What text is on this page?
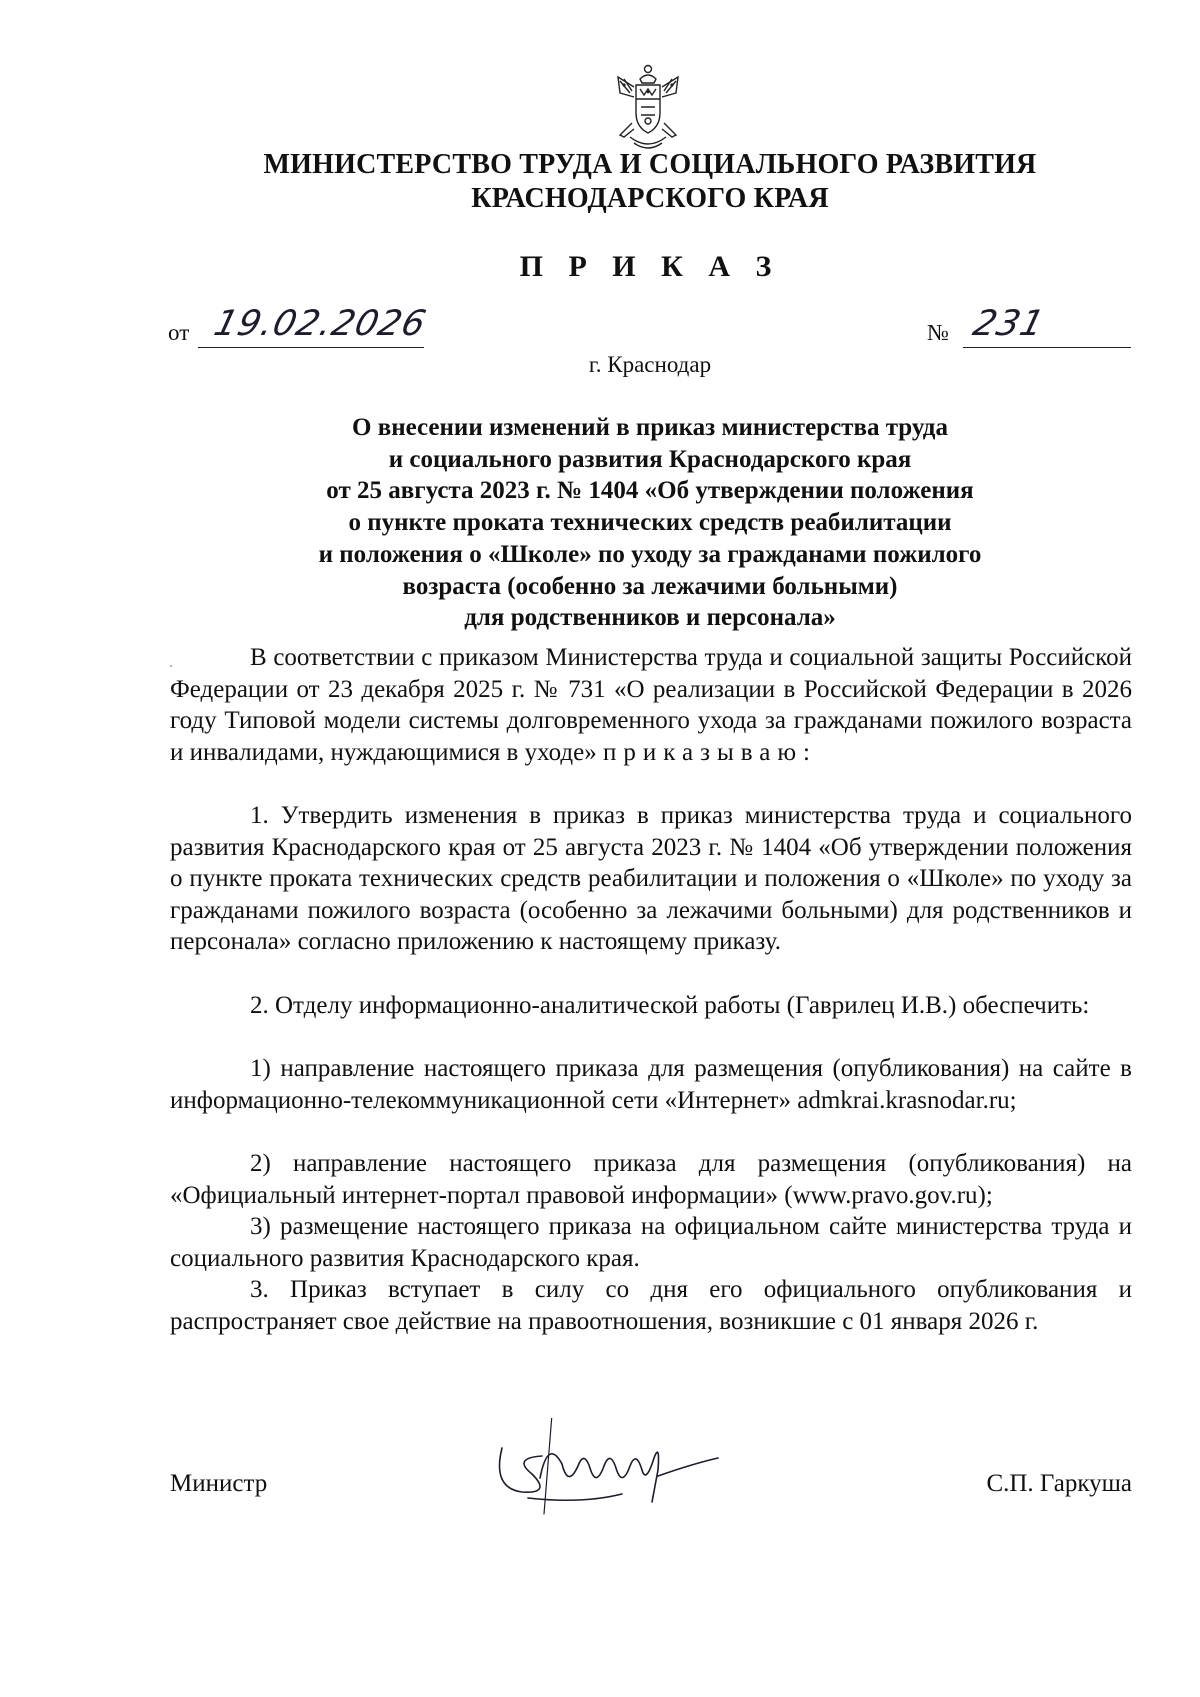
МИНИСТЕРСТВО ТРУДА И СОЦИАЛЬНОГО РАЗВИТИЯ
КРАСНОДАРСКОГО КРАЯ
П Р И К А З
от 19.02.2026	№ 231
г. Краснодар
О внесении изменений в приказ министерства труда
и социального развития Краснодарского края
от 25 августа 2023 г. № 1404 «Об утверждении положения
о пункте проката технических средств реабилитации
и положения о «Школе» по уходу за гражданами пожилого
возраста (особенно за лежачими больными)
для родственников и персонала»
В соответствии с приказом Министерства труда и социальной защиты Российской Федерации от 23 декабря 2025 г. № 731 «О реализации в Российской Федерации в 2026 году Типовой модели системы долговременного ухода за гражданами пожилого возраста и инвалидами, нуждающимися в уходе» приказываю:
1. Утвердить изменения в приказ в приказ министерства труда и социального развития Краснодарского края от 25 августа 2023 г. № 1404 «Об утверждении положения о пункте проката технических средств реабилитации и положения о «Школе» по уходу за гражданами пожилого возраста (особенно за лежачими больными) для родственников и персонала» согласно приложению к настоящему приказу.
2. Отделу информационно-аналитической работы (Гаврилец И.В.) обеспечить:
1) направление настоящего приказа для размещения (опубликования) на сайте в информационно-телекоммуникационной сети «Интернет» admkrai.krasnodar.ru;
2) направление настоящего приказа для размещения (опубликования) на «Официальный интернет-портал правовой информации» (www.pravo.gov.ru);
3) размещение настоящего приказа на официальном сайте министерства труда и социального развития Краснодарского края.
3. Приказ вступает в силу со дня его официального опубликования и распространяет свое действие на правоотношения, возникшие с 01 января 2026 г.
Министр	С.П. Гаркуша
